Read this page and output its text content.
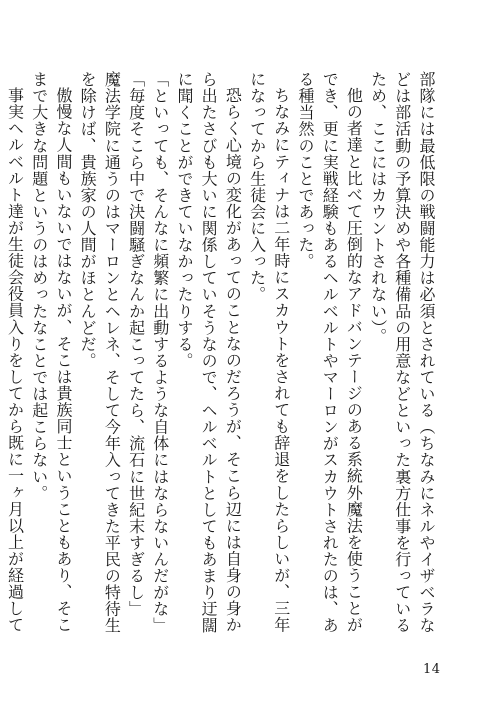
部隊には最低限の戦闘能力は必須とされている（ちなみにネルやイザベラなどは部活動の予算決めや各種備品の用意などといった裏方仕事を行っているため、ここにはカウントされない）。

他の者達と比べて圧倒的なアドバンテージのある系統外魔法を使うことができ、更に実戦経験もあるヘルベルトやマーロンがスカウトされたのは、ある種当然のことであった。

ちなみにティナは二年時にスカウトをされても辞退をしたらしいが、三年になってから生徒会に入った。

恐らく心境の変化があってのことなのだろうが、そこら辺には自身の身から出たさびも大いに関係していそうなので、ヘルベルトとしてもあまり迂闊に聞くことができていなかったりする。

「といっても、そんなに頻繁に出動するような自体にはならないんだがな」

「毎度そこら中で決闘騒ぎなんか起こってたら、流石に世紀末すぎるし」

魔法学院に通うのはマーロンとヘレネ、そして今年入ってきた平民の特待生を除けば、貴族家の人間がほとんどだ。

傲慢な人間もいないではないが、そこは貴族同士ということもあり、そこまで大きな問題というのはめったなことでは起こらない。

事実ヘルベルト達が生徒会役員入りをしてから既に一ヶ月以上が経過して

14
